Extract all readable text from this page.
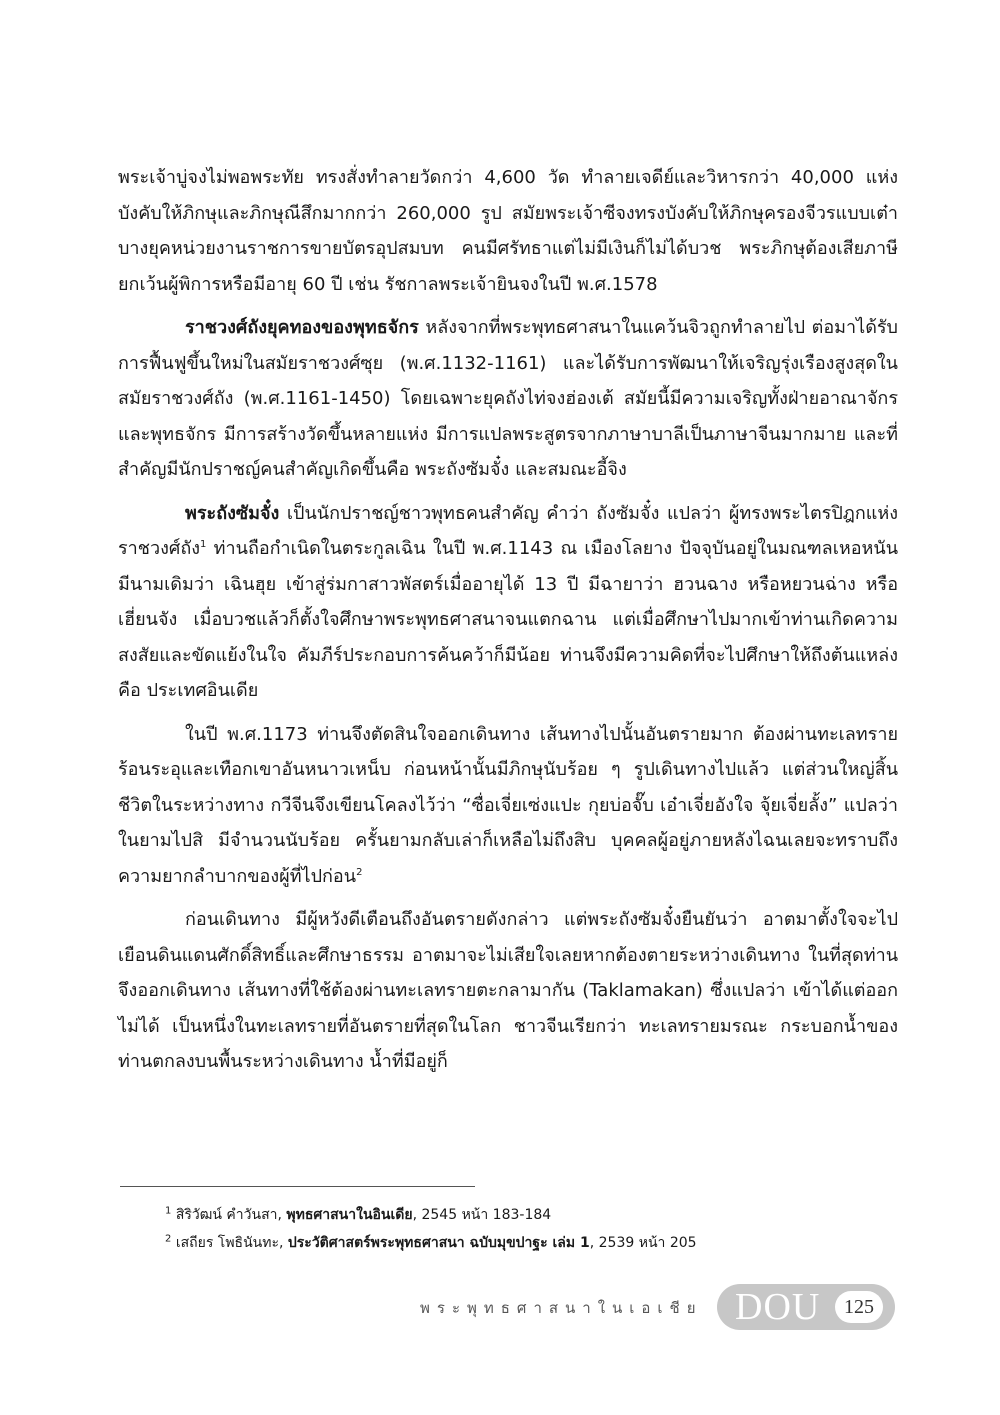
พระเจ้าบู่จงไม่พอพระทัย ทรงสั่งทำลายวัดกว่า 4,600 วัด ทำลายเจดีย์และวิหารกว่า 40,000 แห่ง บังคับให้ภิกษุและภิกษุณีสึกมากกว่า 260,000 รูป สมัยพระเจ้าซีจงทรงบังคับให้ภิกษุครองจีวรแบบเต๋า บางยุคหน่วยงานราชการขายบัตรอุปสมบท คนมีศรัทธาแต่ไม่มีเงินก็ไม่ได้บวช พระภิกษุต้องเสียภาษี ยกเว้นผู้พิการหรือมีอายุ 60 ปี เช่น รัชกาลพระเจ้ายินจงในปี พ.ศ.1578

ราชวงศ์ถังยุคทองของพุทธจักร หลังจากที่พระพุทธศาสนาในแคว้นจิวถูกทำลายไป ต่อมาได้รับการฟื้นฟูขึ้นใหม่ในสมัยราชวงศ์ซุย (พ.ศ.1132-1161) และได้รับการพัฒนาให้เจริญรุ่งเรืองสูงสุดในสมัยราชวงศ์ถัง (พ.ศ.1161-1450) โดยเฉพาะยุคถังไท่จงฮ่องเต้ สมัยนี้มีความเจริญทั้งฝ่ายอาณาจักรและพุทธจักร มีการสร้างวัดขึ้นหลายแห่ง มีการแปลพระสูตรจากภาษาบาลีเป็นภาษาจีนมากมาย และที่สำคัญมีนักปราชญ์คนสำคัญเกิดขึ้นคือ พระถังซัมจั๋ง และสมณะอี้จิง

พระถังซัมจั๋ง เป็นนักปราชญ์ชาวพุทธคนสำคัญ คำว่า ถังซัมจั๋ง แปลว่า ผู้ทรงพระไตรปิฎกแห่งราชวงศ์ถัง$^1$ ท่านถือกำเนิดในตระกูลเฉิน ในปี พ.ศ.1143 ณ เมืองโลยาง ปัจจุบันอยู่ในมณฑลเหอหนัน มีนามเดิมว่า เฉินฮุย เข้าสู่ร่มกาสาวพัสตร์เมื่ออายุได้ 13 ปี มีฉายาว่า ฮวนฉาง หรือหยวนฉ่าง หรือเฮี่ยนจัง เมื่อบวชแล้วก็ตั้งใจศึกษาพระพุทธศาสนาจนแตกฉาน แต่เมื่อศึกษาไปมากเข้าท่านเกิดความสงสัยและขัดแย้งในใจ คัมภีร์ประกอบการค้นคว้าก็มีน้อย ท่านจึงมีความคิดที่จะไปศึกษาให้ถึงต้นแหล่งคือ ประเทศอินเดีย

ในปี พ.ศ.1173 ท่านจึงตัดสินใจออกเดินทาง เส้นทางไปนั้นอันตรายมาก ต้องผ่านทะเลทรายร้อนระอุและเทือกเขาอันหนาวเหน็บ ก่อนหน้านั้นมีภิกษุนับร้อย ๆ รูปเดินทางไปแล้ว แต่ส่วนใหญ่สิ้นชีวิตในระหว่างทาง กวีจีนจึงเขียนโคลงไว้ว่า “ซื่อเจี่ยเซ่งแปะ กุยบ่อจั๊บ เอ๋าเจี่ยอังใจ จุ้ยเจี่ยลั้ง” แปลว่า ในยามไปสิ มีจำนวนนับร้อย ครั้นยามกลับเล่าก็เหลือไม่ถึงสิบ บุคคลผู้อยู่ภายหลังไฉนเลยจะทราบถึงความยากลำบากของผู้ที่ไปก่อน$^2$

ก่อนเดินทาง มีผู้หวังดีเตือนถึงอันตรายดังกล่าว แต่พระถังซัมจั๋งยืนยันว่า อาตมาตั้งใจจะไปเยือนดินแดนศักดิ์สิทธิ์และศึกษาธรรม อาตมาจะไม่เสียใจเลยหากต้องตายระหว่างเดินทาง ในที่สุดท่านจึงออกเดินทาง เส้นทางที่ใช้ต้องผ่านทะเลทรายตะกลามากัน (Taklamakan) ซึ่งแปลว่า เข้าได้แต่ออกไม่ได้ เป็นหนึ่งในทะเลทรายที่อันตรายที่สุดในโลก ชาวจีนเรียกว่า ทะเลทรายมรณะ กระบอกน้ำของท่านตกลงบนพื้นระหว่างเดินทาง น้ำที่มีอยู่ก็

$^1$ สิริวัฒน์ คำวันสา, พุทธศาสนาในอินเดีย, 2545 หน้า 183-184

$^2$ เสถียร โพธินันทะ, ประวัติศาสตร์พระพุทธศาสนา ฉบับมุขปาฐะ เล่ม 1, 2539 หน้า 205

พระพุทธศาสนาในเอเชีย DOU	125
